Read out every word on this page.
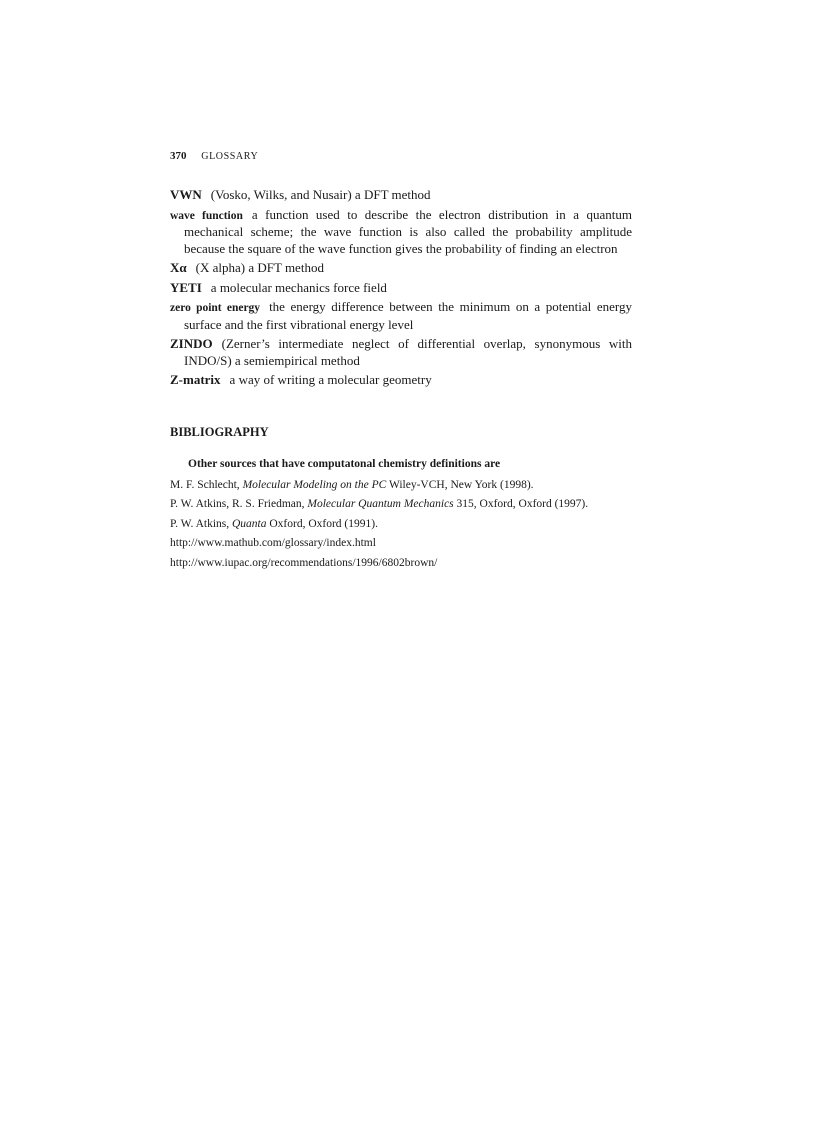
370 GLOSSARY
VWN (Vosko, Wilks, and Nusair) a DFT method
wave function a function used to describe the electron distribution in a quantum mechanical scheme; the wave function is also called the probability amplitude because the square of the wave function gives the probability of finding an electron
Xα (X alpha) a DFT method
YETI a molecular mechanics force field
zero point energy the energy difference between the minimum on a potential energy surface and the first vibrational energy level
ZINDO (Zerner’s intermediate neglect of differential overlap, synonymous with INDO/S) a semiempirical method
Z-matrix a way of writing a molecular geometry
BIBLIOGRAPHY
Other sources that have computatonal chemistry definitions are
M. F. Schlecht, Molecular Modeling on the PC Wiley-VCH, New York (1998).
P. W. Atkins, R. S. Friedman, Molecular Quantum Mechanics 315, Oxford, Oxford (1997).
P. W. Atkins, Quanta Oxford, Oxford (1991).
http://www.mathub.com/glossary/index.html
http://www.iupac.org/recommendations/1996/6802brown/
